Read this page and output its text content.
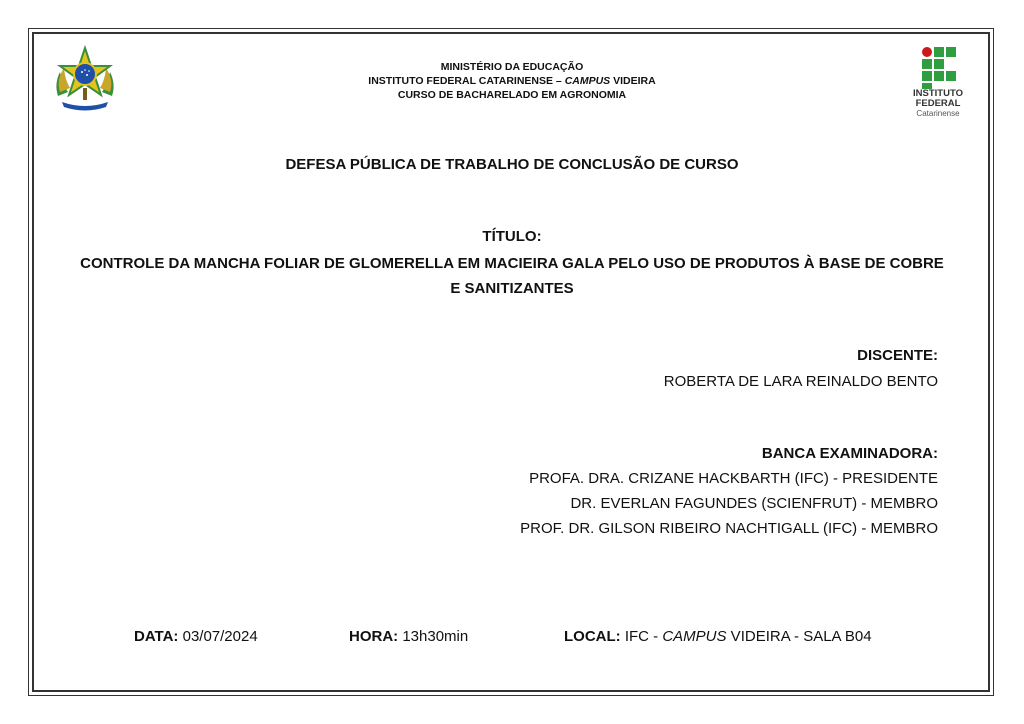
MINISTÉRIO DA EDUCAÇÃO
INSTITUTO FEDERAL CATARINENSE – CAMPUS VIDEIRA
CURSO DE BACHARELADO EM AGRONOMIA	INSTITUTO
FEDERAL
Catarinense
DEFESA PÚBLICA DE TRABALHO DE CONCLUSÃO DE CURSO
TÍTULO:
CONTROLE DA MANCHA FOLIAR DE GLOMERELLA EM MACIEIRA GALA PELO USO DE PRODUTOS À BASE DE COBRE E SANITIZANTES
DISCENTE:
ROBERTA DE LARA REINALDO BENTO
BANCA EXAMINADORA:
PROFA. DRA. CRIZANE HACKBARTH (IFC) - PRESIDENTE
DR. EVERLAN FAGUNDES (SCIENFRUT) - MEMBRO
PROF. DR. GILSON RIBEIRO NACHTIGALL (IFC) - MEMBRO
DATA: 03/07/2024	HORA: 13h30min	LOCAL: IFC - CAMPUS VIDEIRA - SALA B04
